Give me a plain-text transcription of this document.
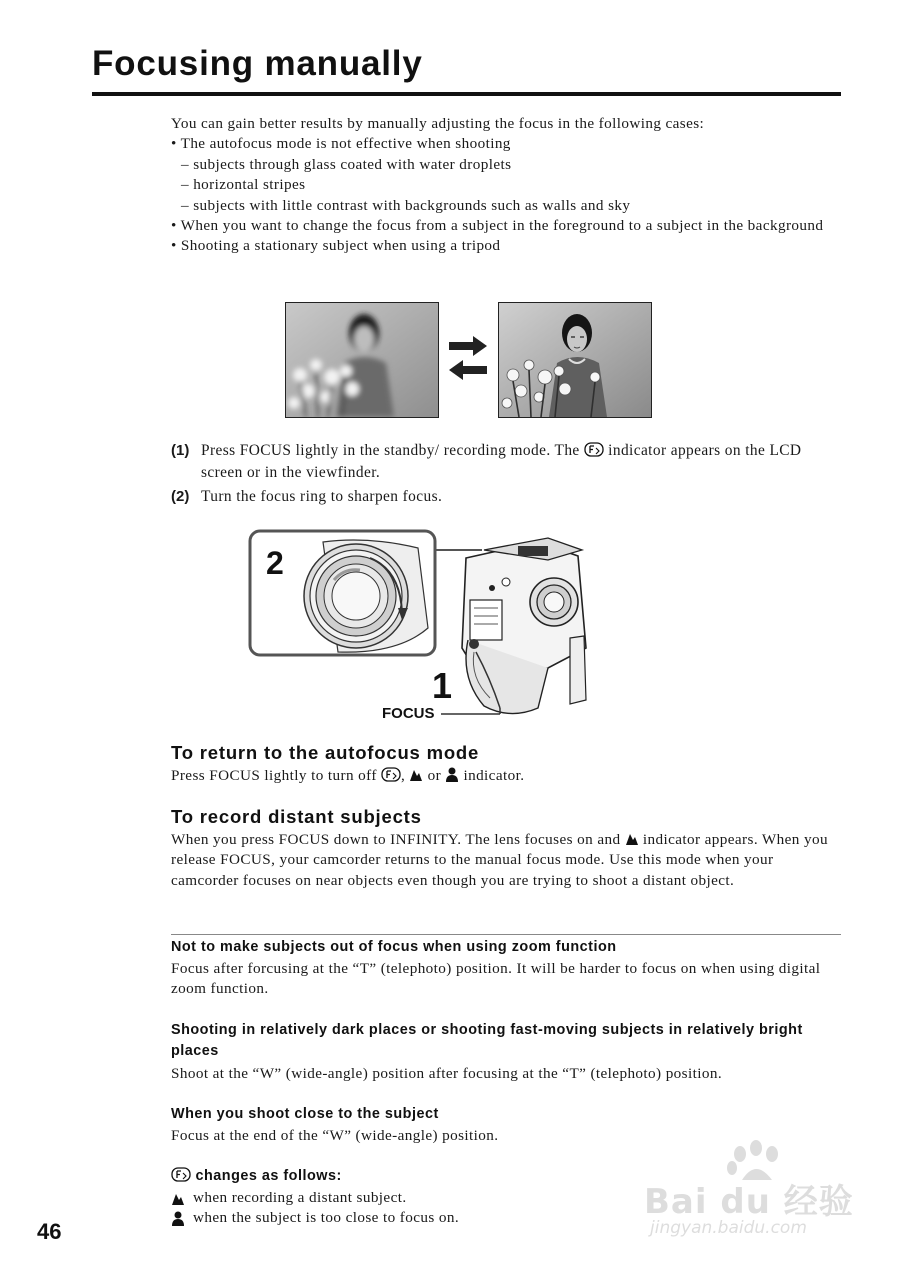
Focusing manually

You can gain better results by manually adjusting the focus in the following cases:

• The autofocus mode is not effective when shooting

– subjects through glass coated with water droplets

– horizontal stripes

– subjects with little contrast with backgrounds such as walls and sky

• When you want to change the focus from a subject in the foreground to a subject in the background

• Shooting a stationary subject when using a tripod

(1) Press FOCUS lightly in the standby/ recording mode. The indicator appears on the LCD screen or in the viewfinder.
(2) Turn the focus ring to sharpen focus.
2
1
FOCUS
To return to the autofocus mode

Press FOCUS lightly to turn off , or indicator.

To record distant subjects

When you press FOCUS down to INFINITY. The lens focuses on and indicator appears. When you release FOCUS, your camcorder returns to the manual focus mode. Use this mode when your camcorder focuses on near objects even though you are trying to shoot a distant object.

Not to make subjects out of focus when using zoom function

Focus after forcusing at the “T” (telephoto) position. It will be harder to focus on when using digital zoom function.

Shooting in relatively dark places or shooting fast-moving subjects in relatively bright places

Shoot at the “W” (wide-angle) position after focusing at the “T” (telephoto) position.

When you shoot close to the subject

Focus at the end of the “W” (wide-angle) position.

changes as follows:

when recording a distant subject.
when the subject is too close to focus on.
46
Bai du 经验
jingyan.baidu.com
